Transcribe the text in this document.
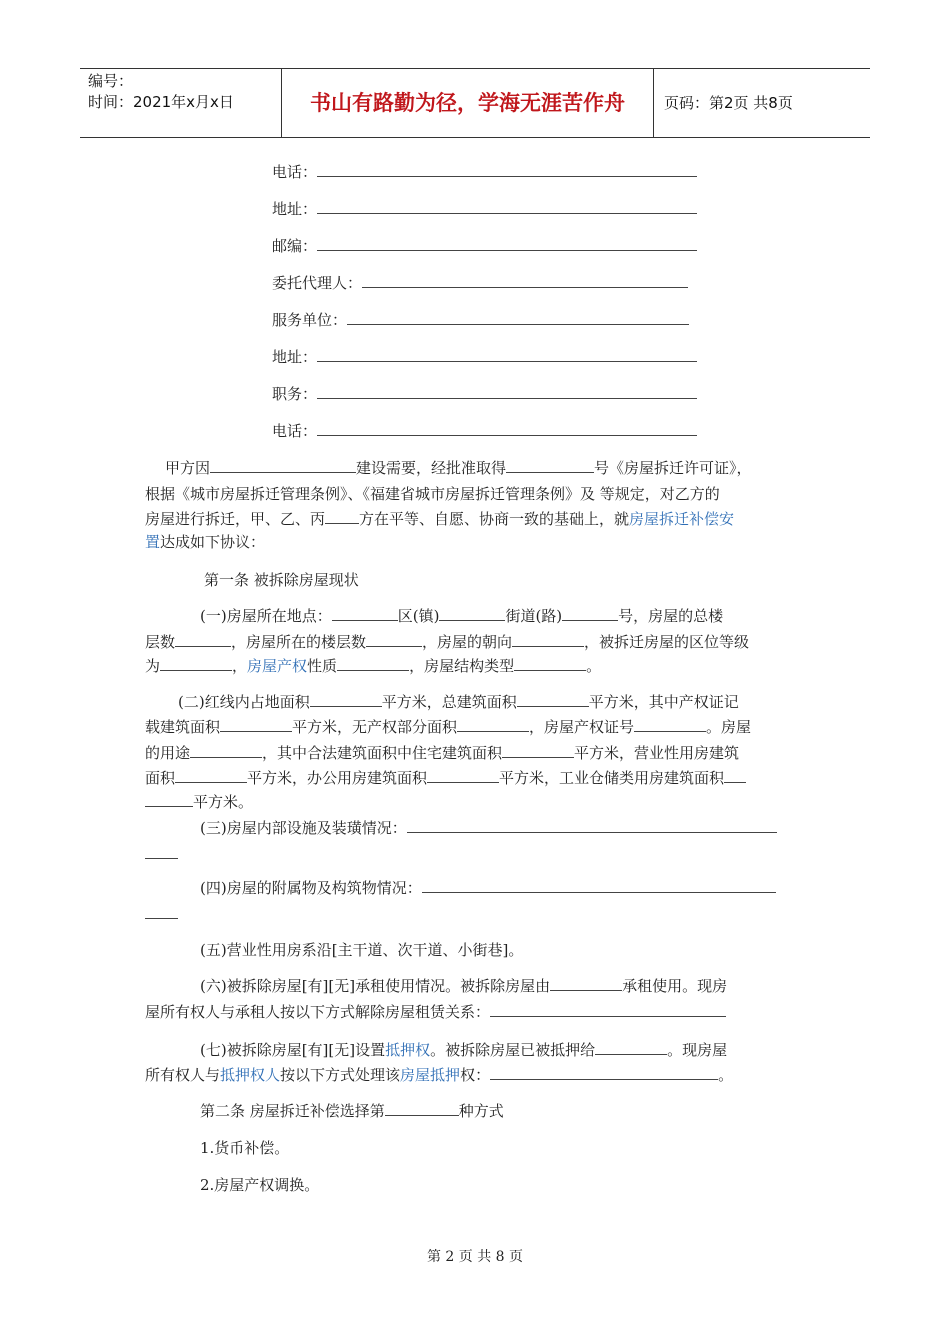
编号：
时间：2021年x月x日	书山有路勤为径，学海无涯苦作舟	页码：第2页 共8页
电话：
地址：
邮编：
委托代理人：
服务单位：
地址：
职务：
电话：
甲方因	建设需要，经批准取得	号《房屋拆迁许可证》，
根据《城市房屋拆迁管理条例》、《福建省城市房屋拆迁管理条例》及 等规定，对乙方的
房屋进行拆迁，甲、乙、丙 方在平等、自愿、协商一致的基础上，就房屋拆迁补偿安
置达成如下协议：
第一条 被拆除房屋现状
(一)房屋所在地点：	区(镇)	街道(路)	号，房屋的总楼
层数	，房屋所在的楼层数	，房屋的朝向	，被拆迁房屋的区位等级
为	，房屋产权性质	，房屋结构类型	。
(二)红线内占地面积	平方米，总建筑面积	平方米，其中产权证记
载建筑面积	平方米，无产权部分面积	，房屋产权证号	。房屋
的用途	，其中合法建筑面积中住宅建筑面积	平方米，营业性用房建筑
面积	平方米，办公用房建筑面积	平方米，工业仓储类用房建筑面积
平方米。
(三)房屋内部设施及装璜情况：
(四)房屋的附属物及构筑物情况：
(五)营业性用房系沿[主干道、次干道、小街巷]。
(六)被拆除房屋[有][无]承租使用情况。被拆除房屋由	承租使用。现房
屋所有权人与承租人按以下方式解除房屋租赁关系：
(七)被拆除房屋[有][无]设置抵押权。被拆除房屋已被抵押给	。现房屋
所有权人与抵押权人按以下方式处理该房屋抵押权：	。
第二条 房屋拆迁补偿选择第	种方式
1.货币补偿。
2.房屋产权调换。
第 2 页 共 8 页
